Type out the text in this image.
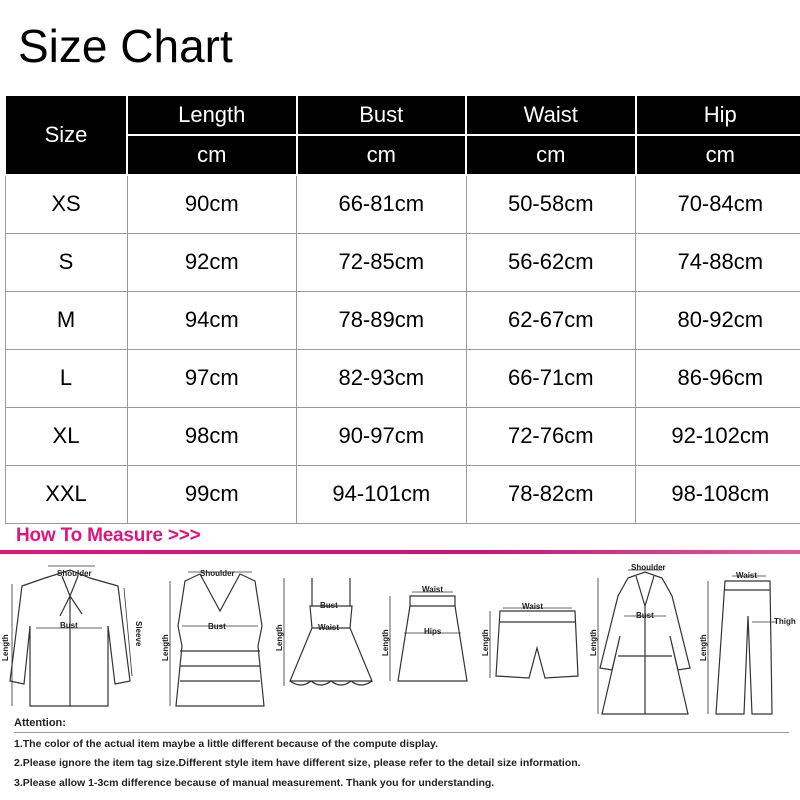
Size Chart
Size	Length	Bust	Waist	Hip
	cm	cm	cm	cm
XS	90cm	66-81cm	50-58cm	70-84cm
S	92cm	72-85cm	56-62cm	74-88cm
M	94cm	78-89cm	62-67cm	80-92cm
L	97cm	82-93cm	66-71cm	86-96cm
XL	98cm	90-97cm	72-76cm	92-102cm
XXL	99cm	94-101cm	78-82cm	98-108cm
How To Measure >>>
Shoulder
Bust
Length
Sleeve
Shoulder
Bust
Length
Bust
Waist
Length
Waist
Hips
Length
Waist
Length
Shoulder
Bust
Length
Waist
Thigh
Length
Attention:
1.The color of the actual item maybe a little different because of the compute display.
2.Please ignore the item tag size.Different style item have different size, please refer to the detail size information.
3.Please allow 1-3cm difference because of manual measurement. Thank you for understanding.
